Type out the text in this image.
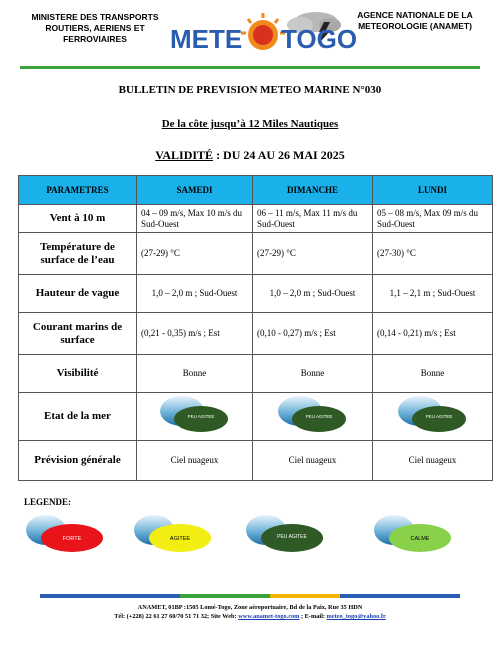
MINISTERE DES TRANSPORTS
ROUTIERS, AERIENS ET FERROVIAIRES	METE TOGO
AGENCE NATIONALE DE LA
METEOROLOGIE (ANAMET)
BULLETIN DE PREVISION METEO MARINE N°030
De la côte jusqu’à 12 Miles Nautiques
VALIDITÉ : DU 24 AU 26 MAI 2025
PARAMETRES	SAMEDI	DIMANCHE	LUNDI
Vent à 10 m	04 – 09 m/s, Max 10 m/s du Sud-Ouest	06 – 11 m/s, Max 11 m/s du Sud-Ouest	05 – 08 m/s, Max 09 m/s du Sud-Ouest
Température de surface de l’eau	(27-29) °C	(27-29) °C	(27-30) °C
Hauteur de vague	1,0 – 2,0 m ; Sud-Ouest	1,0 – 2,0 m ; Sud-Ouest	1,1 – 2,1 m ; Sud-Ouest
Courant marins de surface	(0,21 - 0,35) m/s ; Est	(0,10 - 0,27) m/s ; Est	(0,14 - 0,21) m/s ; Est
Visibilité	Bonne	Bonne	Bonne
Etat de la mer	PEU AGITEE	PEU AGITEE	PEU AGITEE

Prévision générale	Ciel nuageux	Ciel nuageux	Ciel nuageux
LEGENDE:
FORTE	AGITEE	PEU AGITEE	CALME
ANAMET, 01BP :1505 Lomé-Togo, Zone aéroportuaire, Bd de la Paix, Rue 35 HDN
Tél: (+228) 22 61 27 60/70 51 71 32; Site Web: www.anamet-togo.com ; E-mail: meteo_togo@yahoo.fr
